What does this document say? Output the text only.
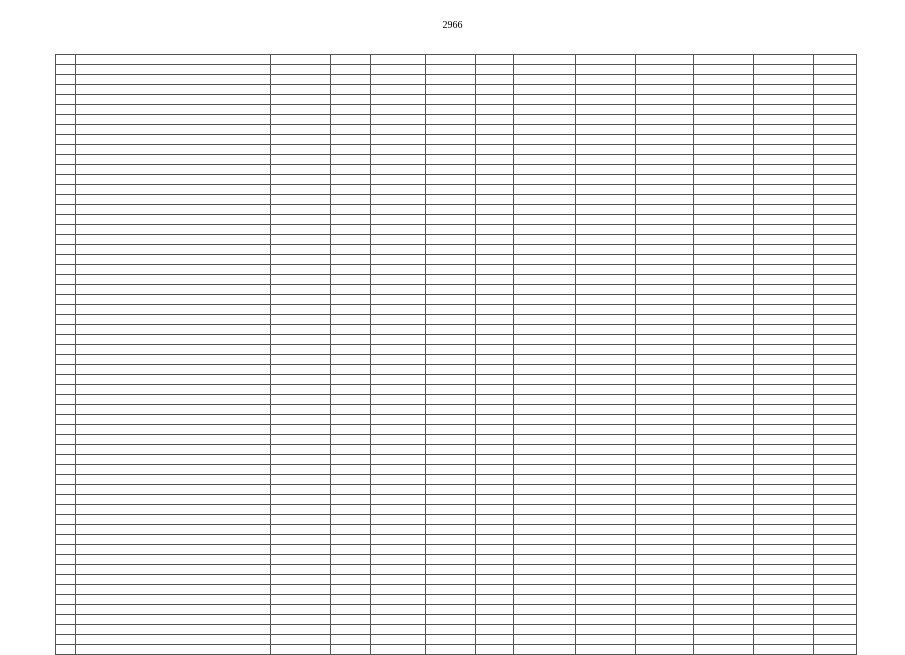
2966
